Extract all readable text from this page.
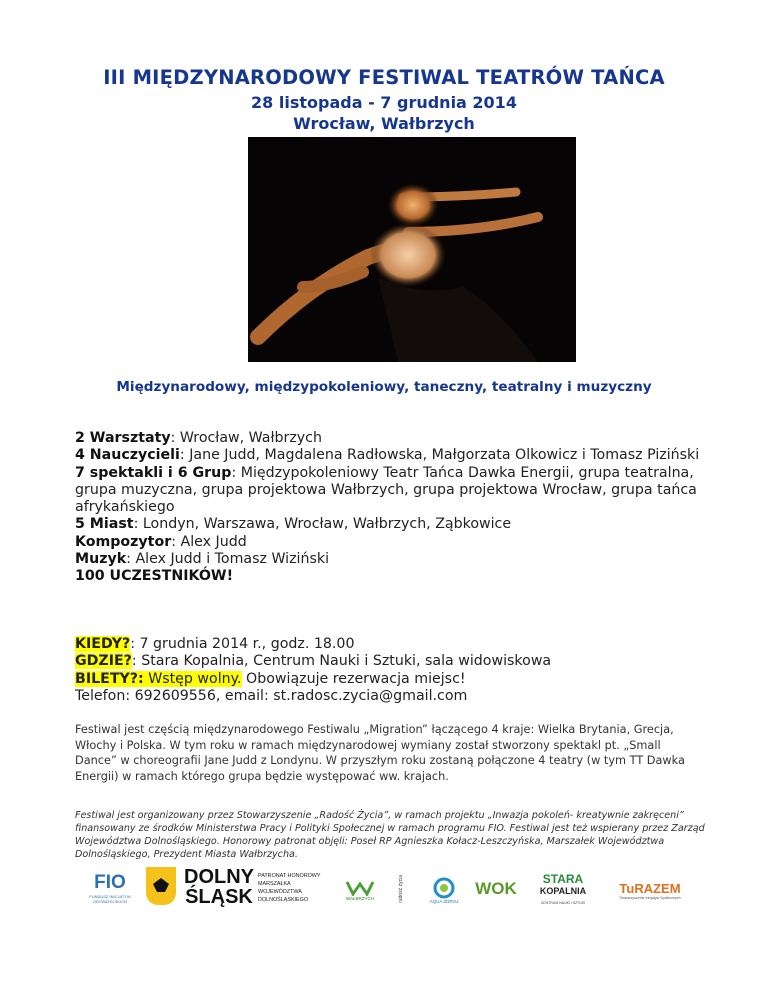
III MIĘDZYNARODOWY FESTIWAL TEATRÓW TAŃCA
28 listopada - 7 grudnia 2014
Wrocław, Wałbrzych
Międzynarodowy, międzypokoleniowy, taneczny, teatralny i muzyczny

2 Warsztaty: Wrocław, Wałbrzych

4 Nauczycieli: Jane Judd, Magdalena Radłowska, Małgorzata Olkowicz i Tomasz Piziński

7 spektakli i 6 Grup: Międzypokoleniowy Teatr Tańca Dawka Energii, grupa teatralna, grupa muzyczna, grupa projektowa Wałbrzych, grupa projektowa Wrocław, grupa tańca afrykańskiego

5 Miast: Londyn, Warszawa, Wrocław, Wałbrzych, Ząbkowice

Kompozytor: Alex Judd

Muzyk: Alex Judd i Tomasz Wiziński

100 UCZESTNIKÓW!

KIEDY?: 7 grudnia 2014 r., godz. 18.00

GDZIE?: Stara Kopalnia, Centrum Nauki i Sztuki, sala widowiskowa

BILETY?: Wstęp wolny. Obowiązuje rezerwacja miejsc!

Telefon: 692609556, email: st.radosc.zycia@gmail.com

Festiwal jest częścią międzynarodowego Festiwalu „Migration” łączącego 4 kraje: Wielka Brytania, Grecja, Włochy i Polska. W tym roku w ramach międzynarodowej wymiany został stworzony spektakl pt. „Small Dance” w choreografii Jane Judd z Londynu. W przyszłym roku zostaną połączone 4 teatry (w tym TT Dawka Energii) w ramach którego grupa będzie występować ww. krajach.
Festiwal jest organizowany przez Stowarzyszenie „Radość Życia”, w ramach projektu „Inwazja pokoleń- kreatywnie zakręceni” finansowany ze środków Ministerstwa Pracy i Polityki Społecznej w ramach programu FIO. Festiwal jest też wspierany przez Zarząd Województwa Dolnośląskiego. Honorowy patronat objęli: Poseł RP Agnieszka Kołacz-Leszczyńska, Marszałek Województwa Dolnośląskiego, Prezydent Miasta Wałbrzycha.
FIO
FUNDUSZ INICJATYW OBYWATELSKICH
DOLNY
ŚLĄSK
PATRONAT HONOROWY MARSZAŁKA WOJEWÓDZTWA DOLNOŚLĄSKIEGO	WAŁBRZYCH	radość życia	AQUA ZDROJ
WOK STARA
KOPALNIA
CENTRUM NAUKI I SZTUKI
TuRAZEM
Stowarzyszenie Inicjatyw Społecznych
